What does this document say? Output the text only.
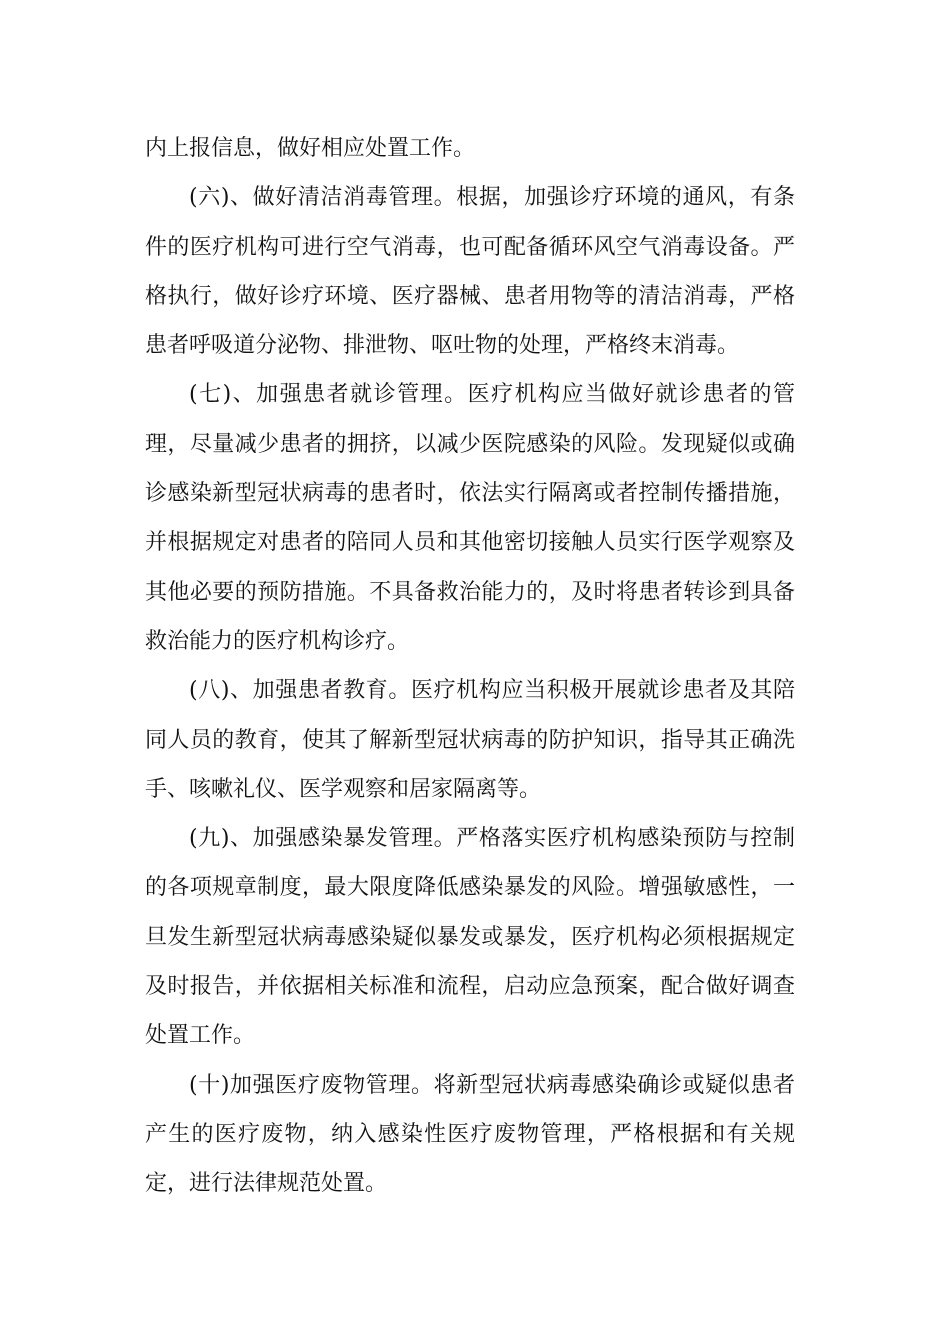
内上报信息，做好相应处置工作。

(六)、做好清洁消毒管理。根据，加强诊疗环境的通风，有条件的医疗机构可进行空气消毒，也可配备循环风空气消毒设备。严格执行，做好诊疗环境、医疗器械、患者用物等的清洁消毒，严格患者呼吸道分泌物、排泄物、呕吐物的处理，严格终末消毒。

(七)、加强患者就诊管理。医疗机构应当做好就诊患者的管理，尽量减少患者的拥挤，以减少医院感染的风险。发现疑似或确诊感染新型冠状病毒的患者时，依法实行隔离或者控制传播措施，并根据规定对患者的陪同人员和其他密切接触人员实行医学观察及其他必要的预防措施。不具备救治能力的，及时将患者转诊到具备救治能力的医疗机构诊疗。

(八)、加强患者教育。医疗机构应当积极开展就诊患者及其陪同人员的教育，使其了解新型冠状病毒的防护知识，指导其正确洗手、咳嗽礼仪、医学观察和居家隔离等。

(九)、加强感染暴发管理。严格落实医疗机构感染预防与控制的各项规章制度，最大限度降低感染暴发的风险。增强敏感性，一旦发生新型冠状病毒感染疑似暴发或暴发，医疗机构必须根据规定及时报告，并依据相关标准和流程，启动应急预案，配合做好调查处置工作。

(十)加强医疗废物管理。将新型冠状病毒感染确诊或疑似患者产生的医疗废物，纳入感染性医疗废物管理，严格根据和有关规定，进行法律规范处置。
